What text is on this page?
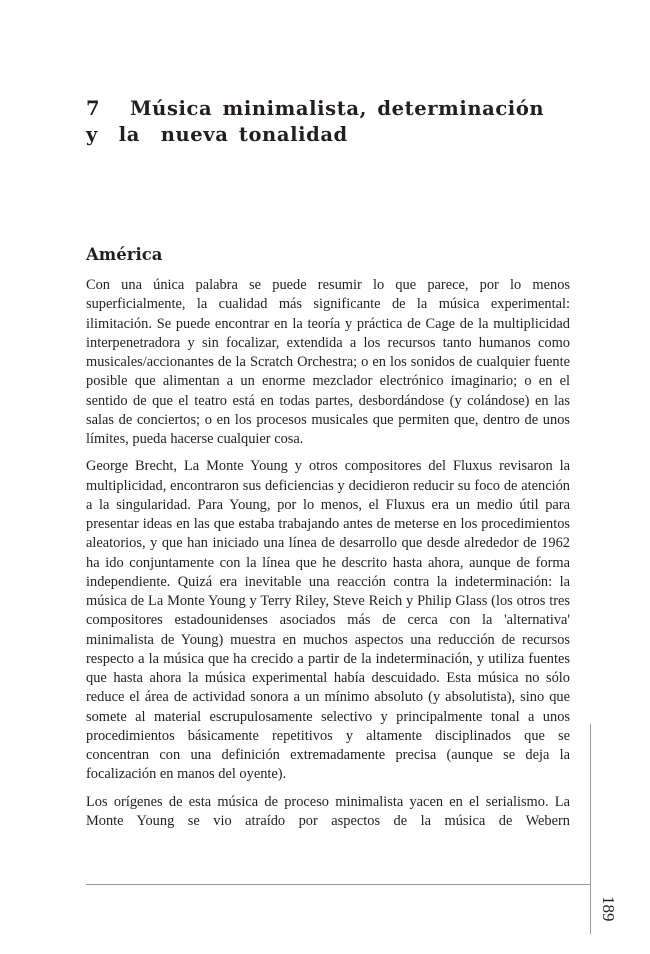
7 Música minimalista, determinación
y  la  nueva tonalidad
América

Con una única palabra se puede resumir lo que parece, por lo menos superficialmente, la cualidad más significante de la música experimental: ilimitación. Se puede encontrar en la teoría y práctica de Cage de la multiplicidad interpenetradora y sin focalizar, extendida a los recursos tanto humanos como musicales/accionantes de la Scratch Orchestra; o en los sonidos de cualquier fuente posible que alimentan a un enorme mezclador electrónico imaginario; o en el sentido de que el teatro está en todas partes, desbordándose (y colándose) en las salas de conciertos; o en los procesos musicales que permiten que, dentro de unos límites, pueda hacerse cualquier cosa.

George Brecht, La Monte Young y otros compositores del Fluxus revisaron la multiplicidad, encontraron sus deficiencias y decidieron reducir su foco de atención a la singularidad. Para Young, por lo menos, el Fluxus era un medio útil para presentar ideas en las que estaba trabajando antes de meterse en los procedimientos aleatorios, y que han iniciado una línea de desarrollo que desde alrededor de 1962 ha ido conjuntamente con la línea que he descrito hasta ahora, aunque de forma independiente. Quizá era inevitable una reacción contra la indeterminación: la música de La Monte Young y Terry Riley, Steve Reich y Philip Glass (los otros tres compositores estadounidenses asociados más de cerca con la 'alternativa' minimalista de Young) muestra en muchos aspectos una reducción de recursos respecto a la música que ha crecido a partir de la indeterminación, y utiliza fuentes que hasta ahora la música experimental había descuidado. Esta música no sólo reduce el área de actividad sonora a un mínimo absoluto (y absolutista), sino que somete al material escrupulosamente selectivo y principalmente tonal a unos procedimientos básicamente repetitivos y altamente disciplinados que se concentran con una definición extremadamente precisa (aunque se deja la focalización en manos del oyente).

Los orígenes de esta música de proceso minimalista yacen en el serialismo. La Monte Young se vio atraído por aspectos de la música de Webern

189
